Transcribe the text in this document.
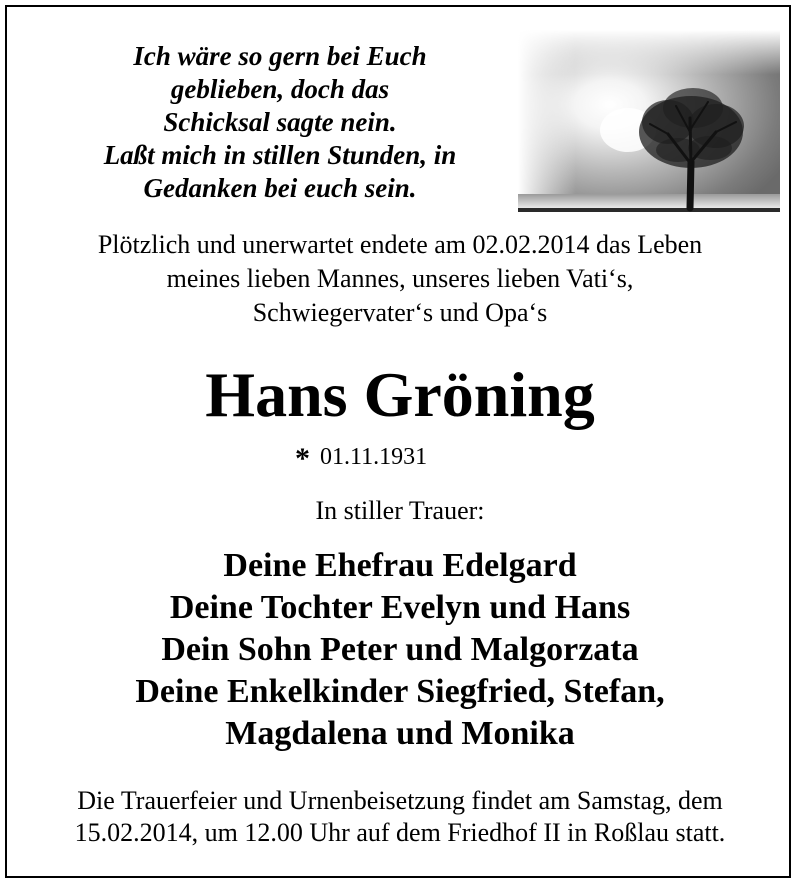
Ich wäre so gern bei Euch
geblieben, doch das
Schicksal sagte nein.
Laßt mich in stillen Stunden, in
Gedanken bei euch sein.
Plötzlich und unerwartet endete am 02.02.2014 das Leben
meines lieben Mannes, unseres lieben Vati‘s,
Schwiegervater‘s und Opa‘s
Hans Gröning
* 01.11.1931
In stiller Trauer:
Deine Ehefrau Edelgard
Deine Tochter Evelyn und Hans
Dein Sohn Peter und Malgorzata
Deine Enkelkinder Siegfried, Stefan,
Magdalena und Monika
Die Trauerfeier und Urnenbeisetzung findet am Samstag, dem
15.02.2014, um 12.00 Uhr auf dem Friedhof II in Roßlau statt.
